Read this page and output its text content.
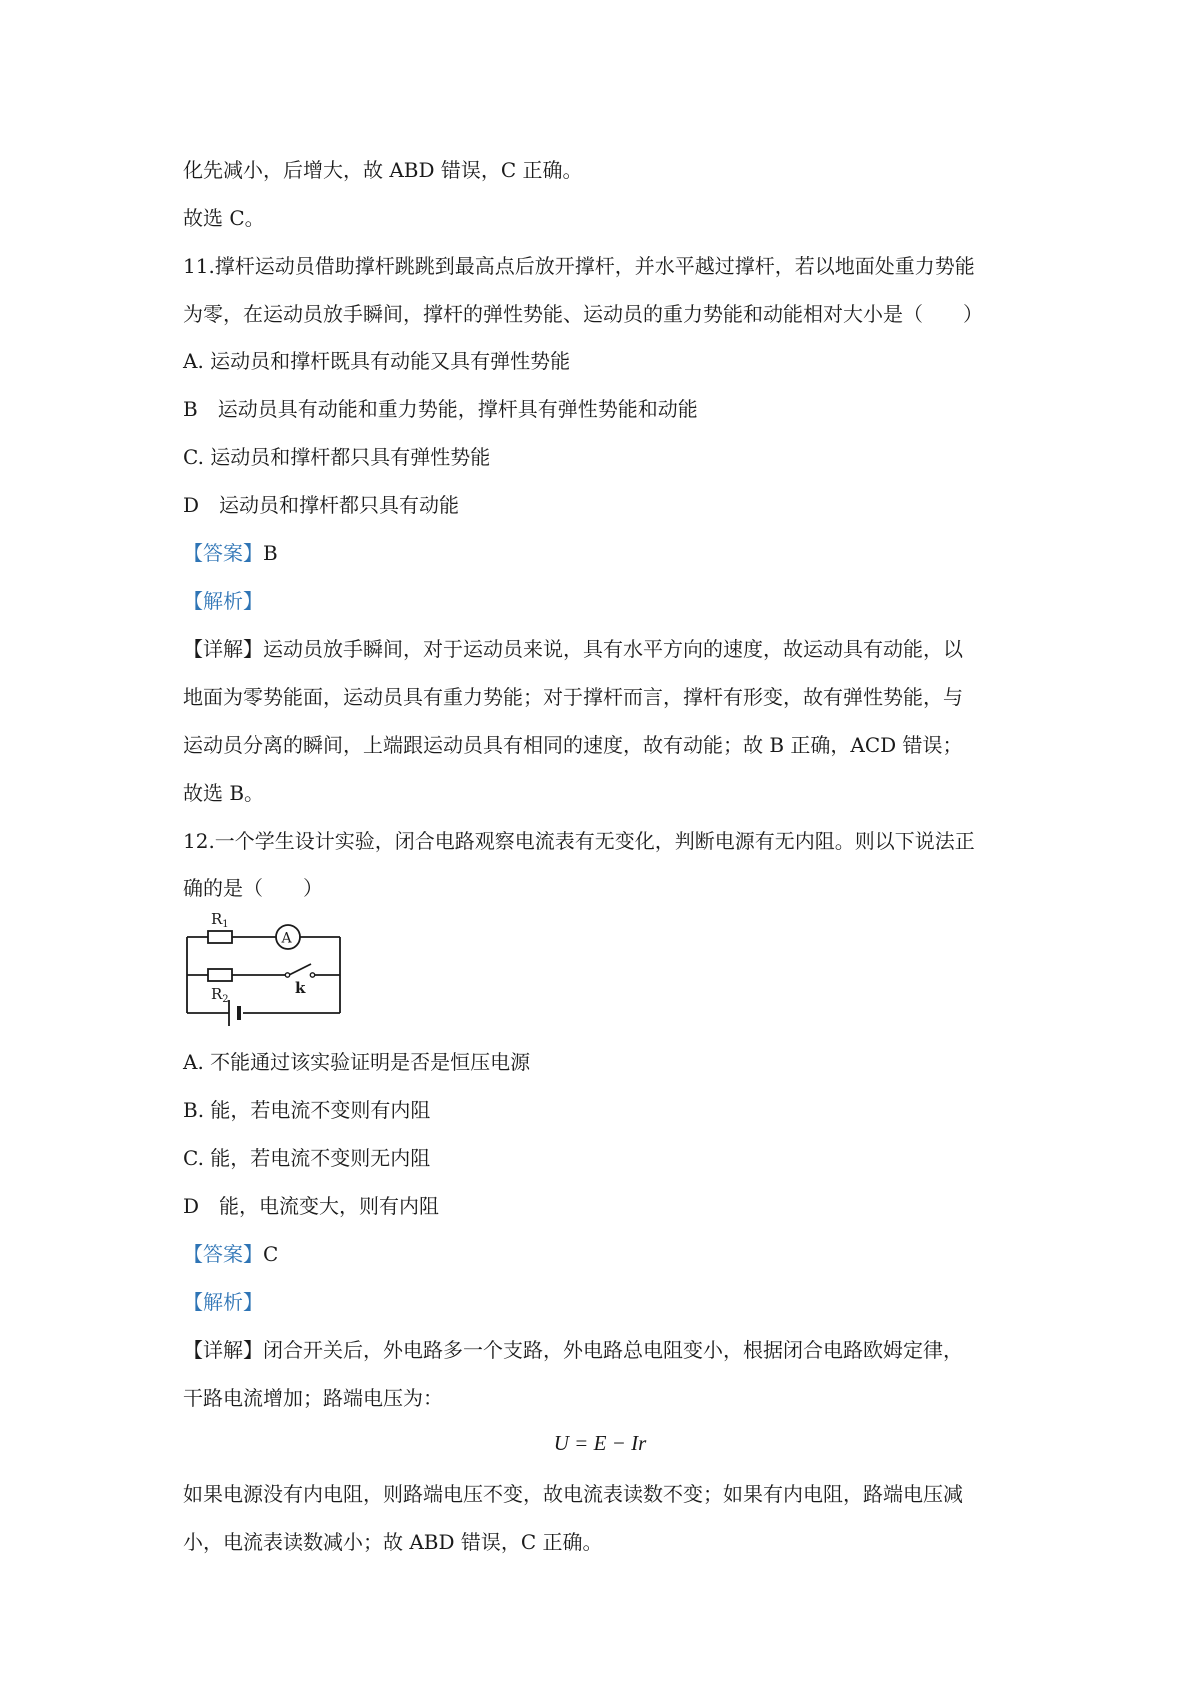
化先减小，后增大，故 ABD 错误，C 正确。
故选 C。
11.撑杆运动员借助撑杆跳跳到最高点后放开撑杆，并水平越过撑杆，若以地面处重力势能
为零，在运动员放手瞬间，撑杆的弹性势能、运动员的重力势能和动能相对大小是（　　）
A. 运动员和撑杆既具有动能又具有弹性势能
B　运动员具有动能和重力势能，撑杆具有弹性势能和动能
C. 运动员和撑杆都只具有弹性势能
D　运动员和撑杆都只具有动能
【答案】B
【解析】
【详解】运动员放手瞬间，对于运动员来说，具有水平方向的速度，故运动具有动能，以
地面为零势能面，运动员具有重力势能；对于撑杆而言，撑杆有形变，故有弹性势能，与
运动员分离的瞬间，上端跟运动员具有相同的速度，故有动能；故 B 正确，ACD 错误；
故选 B。
12.一个学生设计实验，闭合电路观察电流表有无变化，判断电源有无内阻。则以下说法正
确的是（　　）
$R_1$
A
$R_2$
k
A. 不能通过该实验证明是否是恒压电源
B. 能，若电流不变则有内阻
C. 能，若电流不变则无内阻
D　能，电流变大，则有内阻
【答案】C
【解析】
【详解】闭合开关后，外电路多一个支路，外电路总电阻变小，根据闭合电路欧姆定律，
干路电流增加；路端电压为：
U = E − Ir
如果电源没有内电阻，则路端电压不变，故电流表读数不变；如果有内电阻，路端电压减
小，电流表读数减小；故 ABD 错误，C 正确。
